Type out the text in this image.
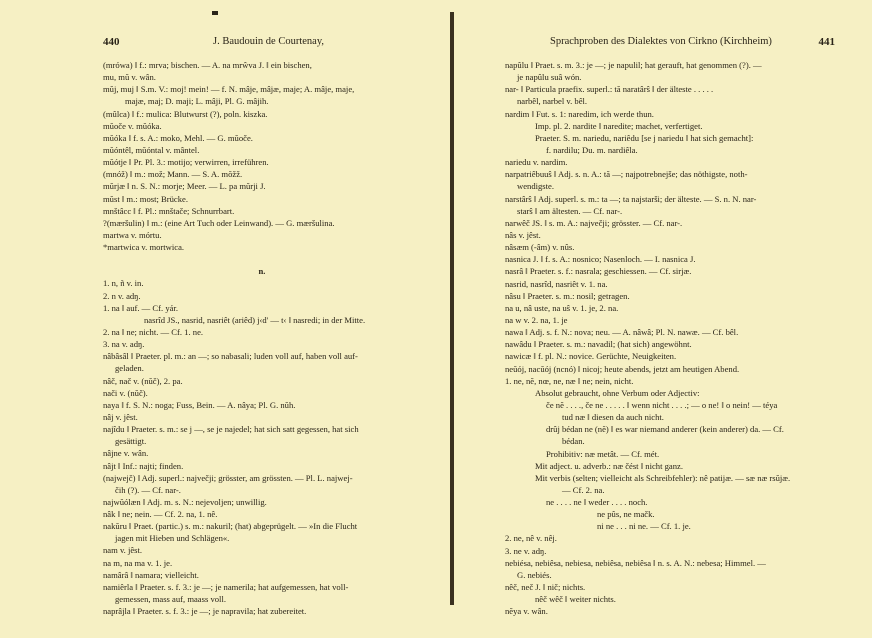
440	J. Baudouin de Courtenay,
(mrówa) ‖ f.: mrva; bischen. — A. na mrŵva J. ‖ ein bischen,
mu, mŭ v. wân.
mŭj, muj ‖ S.m. V.: moj! mein! — f. N. mâje, mâjæ, maje; A. mâje, maje,
majæ, maj; D. maji; L. mâji, Pl. G. mâjih.
(mûlca) ‖ f.: mulica: Blutwurst (?), poln. kiszka.
mŭoče v. mŭóka.
mŭóka ‖ f. s. A.: moko, Mehl. — G. mŭoče.
mŭóntêl, mŭóntal v. mântel.
mŭótje ‖ Pr. Pl. 3.: motijo; verwirren, irreführen.
(mnóž) ‖ m.: mož; Mann. — S. A. mŏžž.
mŭrjæ ‖ n. S. N.: morje; Meer. — L. pa mŭrji J.
mŭst ‖ m.: most; Brücke.
mnštâcc ‖ f. Pl.: mnštače; Schnurrbart.
?(mæršulin) ‖ m.: (eine Art Tuch oder Leinwand). — G. mæršulina.
martwa v. mórtu.
*martwica v. mortwica.
n.
1. n, ñ v. in.
2. n v. adŋ.
1. na ‖ auf. — Cf. yár.
nasrîd JS., nasrid, nasriêt (ariêd) j‹d' — t‹ ‖ nasredi; in der Mitte.
2. na ‖ ne; nicht. — Cf. 1. ne.
3. na v. adŋ.
nâbâsâl ‖ Praeter. pl. m.: an —; so nabasali; luden voll auf, haben voll auf-
geladen.
nâč, nač v. (nŭč), 2. pa.
nači v. (nŭč).
naya ‖ f. S. N.: noga; Fuss, Bein. — A. nâya; Pl. G. nŭh.
nâj v. jêst.
najîdu ‖ Praeter. s. m.: se j —, se je najedel; hat sich satt gegessen, hat sich
gesättigt.
nâjne v. wân.
nâjt ‖ Inf.: najti; finden.
(najwejč) ‖ Adj. superl.: največji; grösster, am grössten. — Pl. L. najwej-
čih (?). — Cf. nar-.
najwŭólæn ‖ Adj. m. s. N.: nejevoljen; unwillig.
nâk ‖ ne; nein. — Cf. 2. na, 1. nê.
nakŭru ‖ Praet. (partic.) s. m.: nakuril; (hat) abgeprügelt. — »In die Flucht
jagen mit Hieben und Schlägen«.
nam v. jêst.
na m, na ma v. 1. je.
namârâ ‖ namara; vielleicht.
namiêrla ‖ Praeter. s. f. 3.: je —; je namerila; hat aufgemessen, hat voll-
gemessen, mass auf, maass voll.
naprâjla ‖ Praeter. s. f. 3.: je —; je napravila; hat zubereitet.
Sprachproben des Dialektes von Cirkno (Kirchheim)	441
napûlu ‖ Praet. s. m. 3.: je —; je napulil; hat gerauft, hat genommen (?). —
je napûlu suâ wón.
nar- ‖ Particula praefix. superl.: tă naratârŝ ‖ der älteste . . . . .
narbêl, narbel v. bêl.
nardim ‖ Fut. s. 1: naredim, ich werde thun.
Imp. pl. 2. nardite ‖ naredite; machet, verfertiget.
Praeter. S. m. nariedu, nariêdu [se j nariedu ‖ hat sich gemacht]:
f. nardilu; Du. m. nardiêla.
nariedu v. nardim.
narpatriêbuuŝ ‖ Adj. s. n. A.: tă —; najpotrebnejše; das nöthigste, noth-
wendigste.
narstârŝ ‖ Adj. superl. s. m.: ta —; ta najstarši; der älteste. — S. n. N. nar-
starŝ ‖ am ältesten. — Cf. nar-.
narwêč JS. ‖ s. m. A.: največji; grösster. — Cf. nar-.
nâs v. jêst.
nâsæm (-âm) v. nûs.
nasnica J. ‖ f. s. A.: nosnico; Nasenloch. — I. nasnica J.
nasrâ ‖ Praeter. s. f.: nasrala; geschiessen. — Cf. sirjæ.
nasrid, nasrîd, nasriêt v. 1. na.
nâsu ‖ Praeter. s. m.: nosil; getragen.
na u, nâ uste, na uŝ v. 1. je, 2. na.
na w v. 2. na, 1. je
nawa ‖ Adj. s. f. N.: nova; neu. — A. nâwâ; Pl. N. nawæ. — Cf. bêl.
nawâdu ‖ Praeter. s. m.: navadil; (hat sich) angewöhnt.
nawicæ ‖ f. pl. N.: novice. Gerüchte, Neuigkeiten.
neŭój, nacŭój (ncnó) ‖ nicoj; heute abends, jetzt am heutigen Abend.
1. ne, nĕ, nœ, ne, næ ‖ ne; nein, nicht.
Absolut gebraucht, ohne Verbum oder Adjectiv:
če nĕ . . . ., če ne . . . . . ‖ wenn nicht . . . .; — o ne! ‖ o nein! — téya
tud næ ‖ diesen da auch nicht.
drûj bédan ne (nĕ) ‖ es war niemand anderer (kein anderer) da. — Cf.
bédan.
Prohibitiv: næ metât. — Cf. mét.
Mit adject. u. adverb.: næ čést ‖ nicht ganz.
Mit verbis (selten; vielleicht als Schreibfehler): nê patijæ. — sæ næ rsŭjæ.
— Cf. 2. na.
ne . . . . ne ‖ weder . . . . noch.
ne pûs, ne mačk.
ni ne . . . ni ne. — Cf. 1. je.
2. ne, nê v. nêj.
3. ne v. adŋ.
nebiésa, nebiêsa, nebiesa, nebiêsa, nebiêsa ‖ n. s. A. N.: nebesa; Himmel. —
G. nebiés.
nêč, neč J. ‖ nič; nichts.
nêč wêč ‖ weiter nichts.
nĕya v. wân.
